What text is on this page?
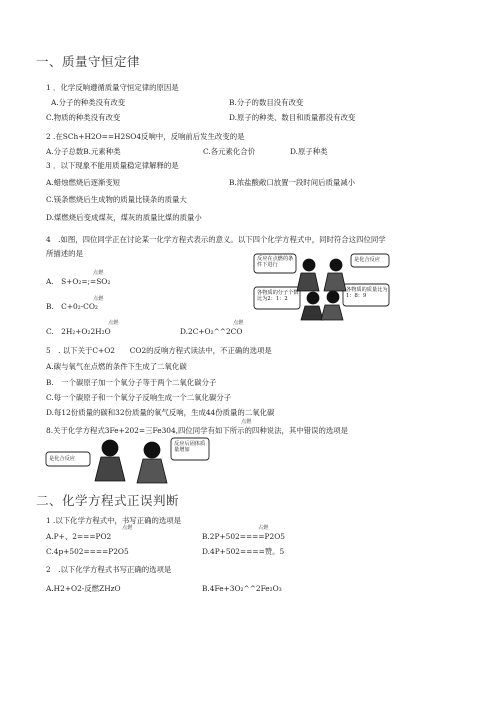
一、质量守恒定律
1 ．化学反响遵循质量守恒定律的原因是
A.分子的种类没有改变	B.分子的数目没有改变
C.物质的种类没有改变	D.原子的种类、数目和质量都没有改变
2 .在SCh+H2O==H2SO4反响中，反响前后发生改变的是
A.分子总数B.元素种类	C.各元素化合价	D.原子种类
3 ．以下现象不能用质量稳定律解释的是
A.蜡烛燃烧后逐渐变短	B.浓盐酸敞口放置一段时间后质量减小
C.镁条燃烧后生成物的质量比镁条的质量大
D.煤燃烧后变成煤灰，煤灰的质量比煤的质量小
4　.如图，四位同学正在讨论某一化学方程式表示的意义。以下四个化学方程式中，同时符合这四位同学
所描述的是
点燃
A.　S+O₂=;=SO₂
点燃
B.　C+0₂-CO₂
点燃	点燃
C.　2H₂+O₂2H₂O	D.2C+O₂^^2CO
反应在点燃的条件下进行
是化合反应
各物质的分子个数比为2：1：2
各物质的质量比为1：8：9
5　. 以下关于C+O2　　CO2的反响方程式读法中，不正确的选项是
A.碳与氧气在点燃的条件下生成了二氧化碳
B.　一个碳原子加一个氧分子等于两个二氧化碳分子
C.每一个碳原子和一个氧分子反响生成一个二氧化碳分子
D.每12份质量的碳和32份质量的氧气反响，生成44份质量的二氧化碳
点燃
8.关于化学方程式3Fe+202=三Fe304,四位同学有如下所示的四种说法，其中错误的选项是
是化合反应
反应后固体质量增加
二、化学方程式正误判断
1 .以下化学方程式中，书写正确的选项是
点燃	占燃
A.P+、2===PO2	B.2P+502====P2O5
C.4p+502====P2O5	D.4P+502====赞。5
2　.以下化学方程式书写正确的选项是
A.H2+O2-反燃ZHzO	B.4Fe+3O₂^^2Fe₂O₃
